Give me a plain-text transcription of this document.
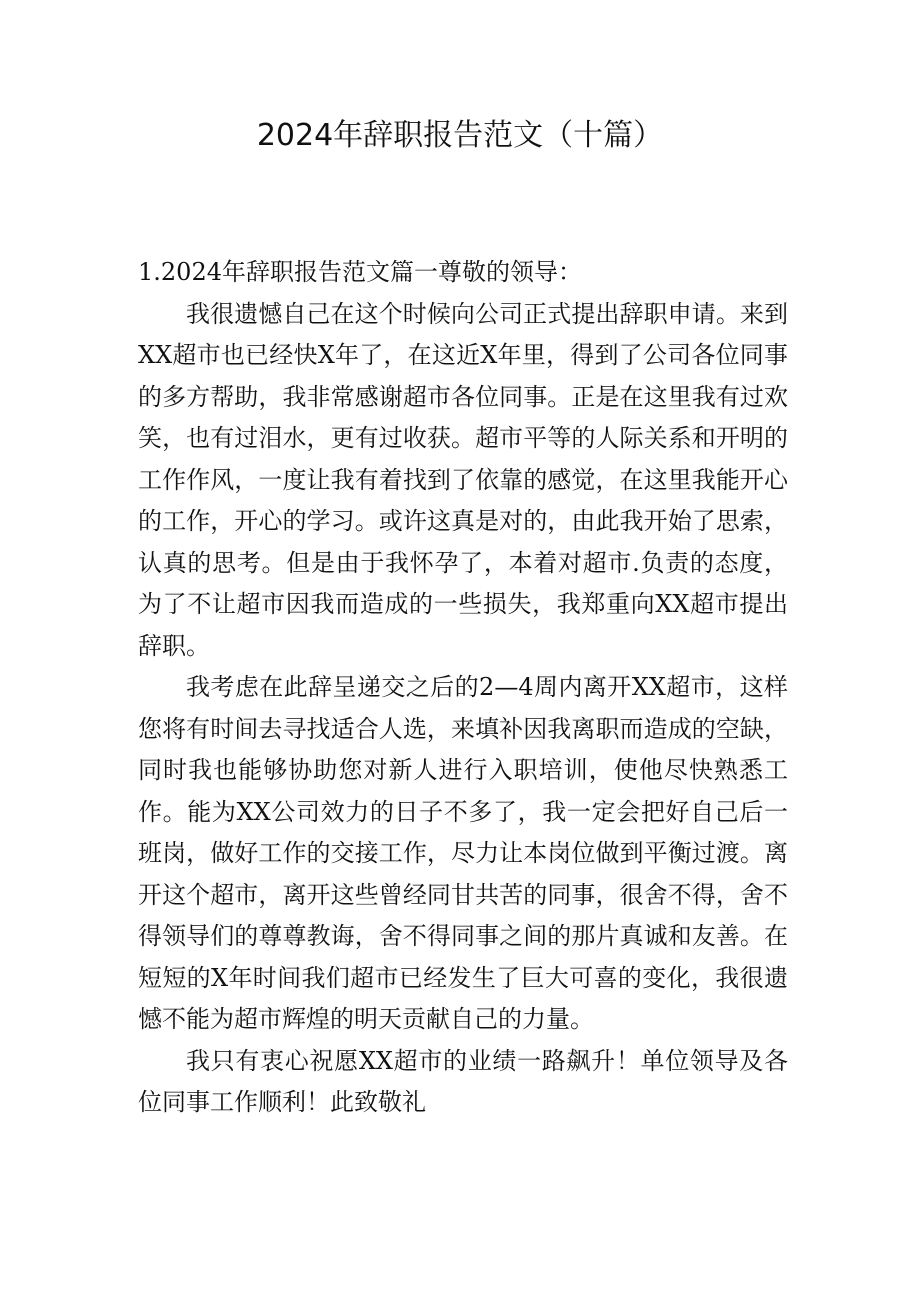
2024年辞职报告范文（十篇）

1.2024年辞职报告范文篇一尊敬的领导：

我很遗憾自己在这个时候向公司正式提出辞职申请。来到XX超市也已经快X年了，在这近X年里，得到了公司各位同事的多方帮助，我非常感谢超市各位同事。正是在这里我有过欢笑，也有过泪水，更有过收获。超市平等的人际关系和开明的工作作风，一度让我有着找到了依靠的感觉，在这里我能开心的工作，开心的学习。或许这真是对的，由此我开始了思索，认真的思考。但是由于我怀孕了，本着对超市.负责的态度，为了不让超市因我而造成的一些损失，我郑重向XX超市提出辞职。

我考虑在此辞呈递交之后的2—4周内离开XX超市，这样您将有时间去寻找适合人选，来填补因我离职而造成的空缺，同时我也能够协助您对新人进行入职培训，使他尽快熟悉工作。能为XX公司效力的日子不多了，我一定会把好自己后一班岗，做好工作的交接工作，尽力让本岗位做到平衡过渡。离开这个超市，离开这些曾经同甘共苦的同事，很舍不得，舍不得领导们的尊尊教诲，舍不得同事之间的那片真诚和友善。在短短的X年时间我们超市已经发生了巨大可喜的变化，我很遗憾不能为超市辉煌的明天贡献自己的力量。

我只有衷心祝愿XX超市的业绩一路飙升！单位领导及各位同事工作顺利！此致敬礼
